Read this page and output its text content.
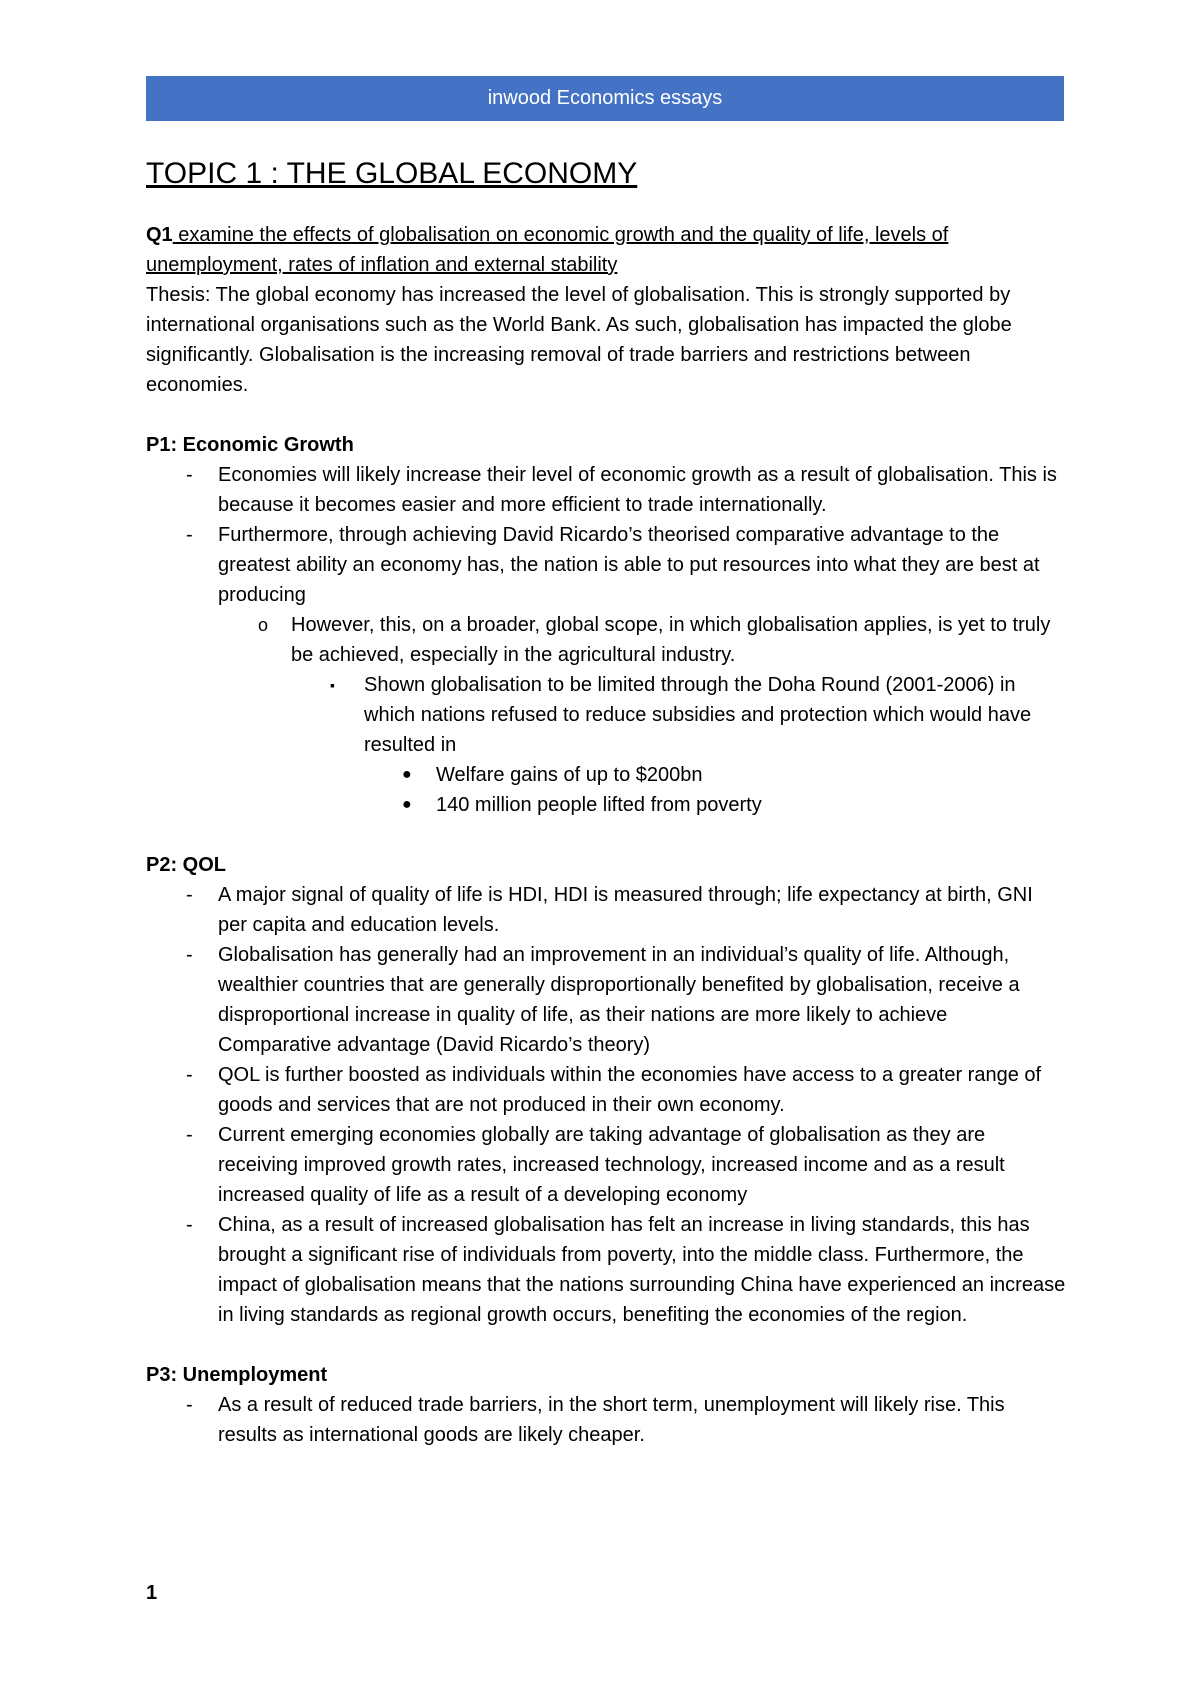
inwood Economics essays
TOPIC 1 : THE GLOBAL ECONOMY

Q1 examine the effects of globalisation on economic growth and the quality of life, levels of unemployment, rates of inflation and external stability

Thesis: The global economy has increased the level of globalisation. This is strongly supported by international organisations such as the World Bank. As such, globalisation has impacted the globe significantly. Globalisation is the increasing removal of trade barriers and restrictions between economies.

P1: Economic Growth

- Economies will likely increase their level of economic growth as a result of globalisation. This is because it becomes easier and more efficient to trade internationally.
- Furthermore, through achieving David Ricardo’s theorised comparative advantage to the greatest ability an economy has, the nation is able to put resources into what they are best at producing
o However, this, on a broader, global scope, in which globalisation applies, is yet to truly be achieved, especially in the agricultural industry.
▪ Shown globalisation to be limited through the Doha Round (2001-2006) in which nations refused to reduce subsidies and protection which would have resulted in
● Welfare gains of up to $200bn
● 140 million people lifted from poverty

P2: QOL

- A major signal of quality of life is HDI, HDI is measured through; life expectancy at birth, GNI per capita and education levels.
- Globalisation has generally had an improvement in an individual’s quality of life. Although, wealthier countries that are generally disproportionally benefited by globalisation, receive a disproportional increase in quality of life, as their nations are more likely to achieve Comparative advantage (David Ricardo’s theory)
- QOL is further boosted as individuals within the economies have access to a greater range of goods and services that are not produced in their own economy.
- Current emerging economies globally are taking advantage of globalisation as they are receiving improved growth rates, increased technology, increased income and as a result increased quality of life as a result of a developing economy
- China, as a result of increased globalisation has felt an increase in living standards, this has brought a significant rise of individuals from poverty, into the middle class. Furthermore, the impact of globalisation means that the nations surrounding China have experienced an increase in living standards as regional growth occurs, benefiting the economies of the region.

P3: Unemployment

- As a result of reduced trade barriers, in the short term, unemployment will likely rise. This results as international goods are likely cheaper.
1
